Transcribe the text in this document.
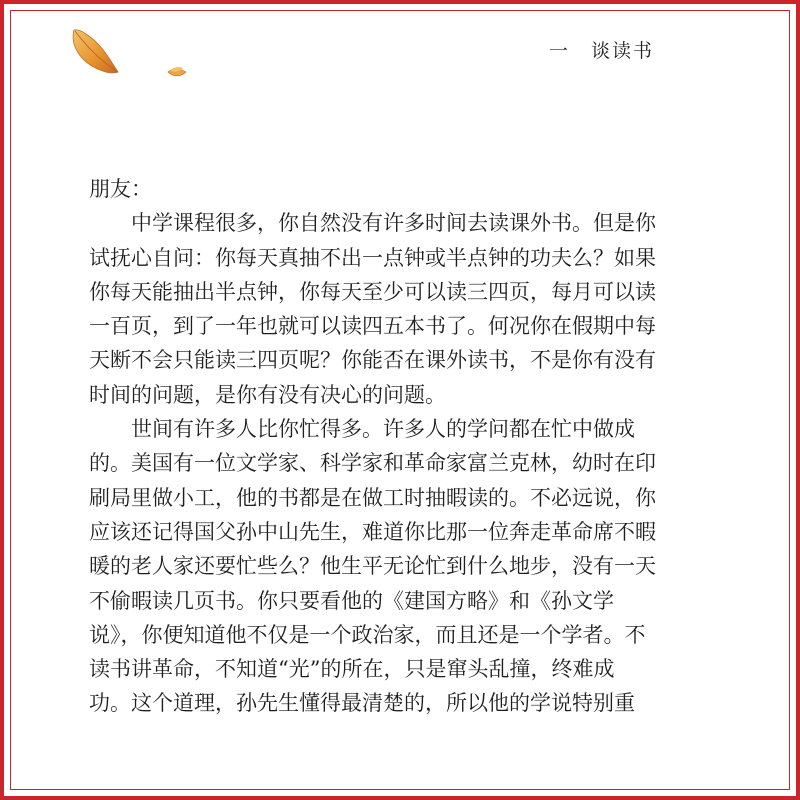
一　谈读书
朋友：
　　中学课程很多，你自然没有许多时间去读课外书。但是你
试抚心自问：你每天真抽不出一点钟或半点钟的功夫么？如果
你每天能抽出半点钟，你每天至少可以读三四页，每月可以读
一百页，到了一年也就可以读四五本书了。何况你在假期中每
天断不会只能读三四页呢？你能否在课外读书，不是你有没有
时间的问题，是你有没有决心的问题。
　　世间有许多人比你忙得多。许多人的学问都在忙中做成
的。美国有一位文学家、科学家和革命家富兰克林，幼时在印
刷局里做小工，他的书都是在做工时抽暇读的。不必远说，你
应该还记得国父孙中山先生，难道你比那一位奔走革命席不暇
暖的老人家还要忙些么？他生平无论忙到什么地步，没有一天
不偷暇读几页书。你只要看他的《建国方略》和《孙文学
说》，你便知道他不仅是一个政治家，而且还是一个学者。不
读书讲革命，不知道“光”的所在，只是窜头乱撞，终难成
功。这个道理，孙先生懂得最清楚的，所以他的学说特别重
